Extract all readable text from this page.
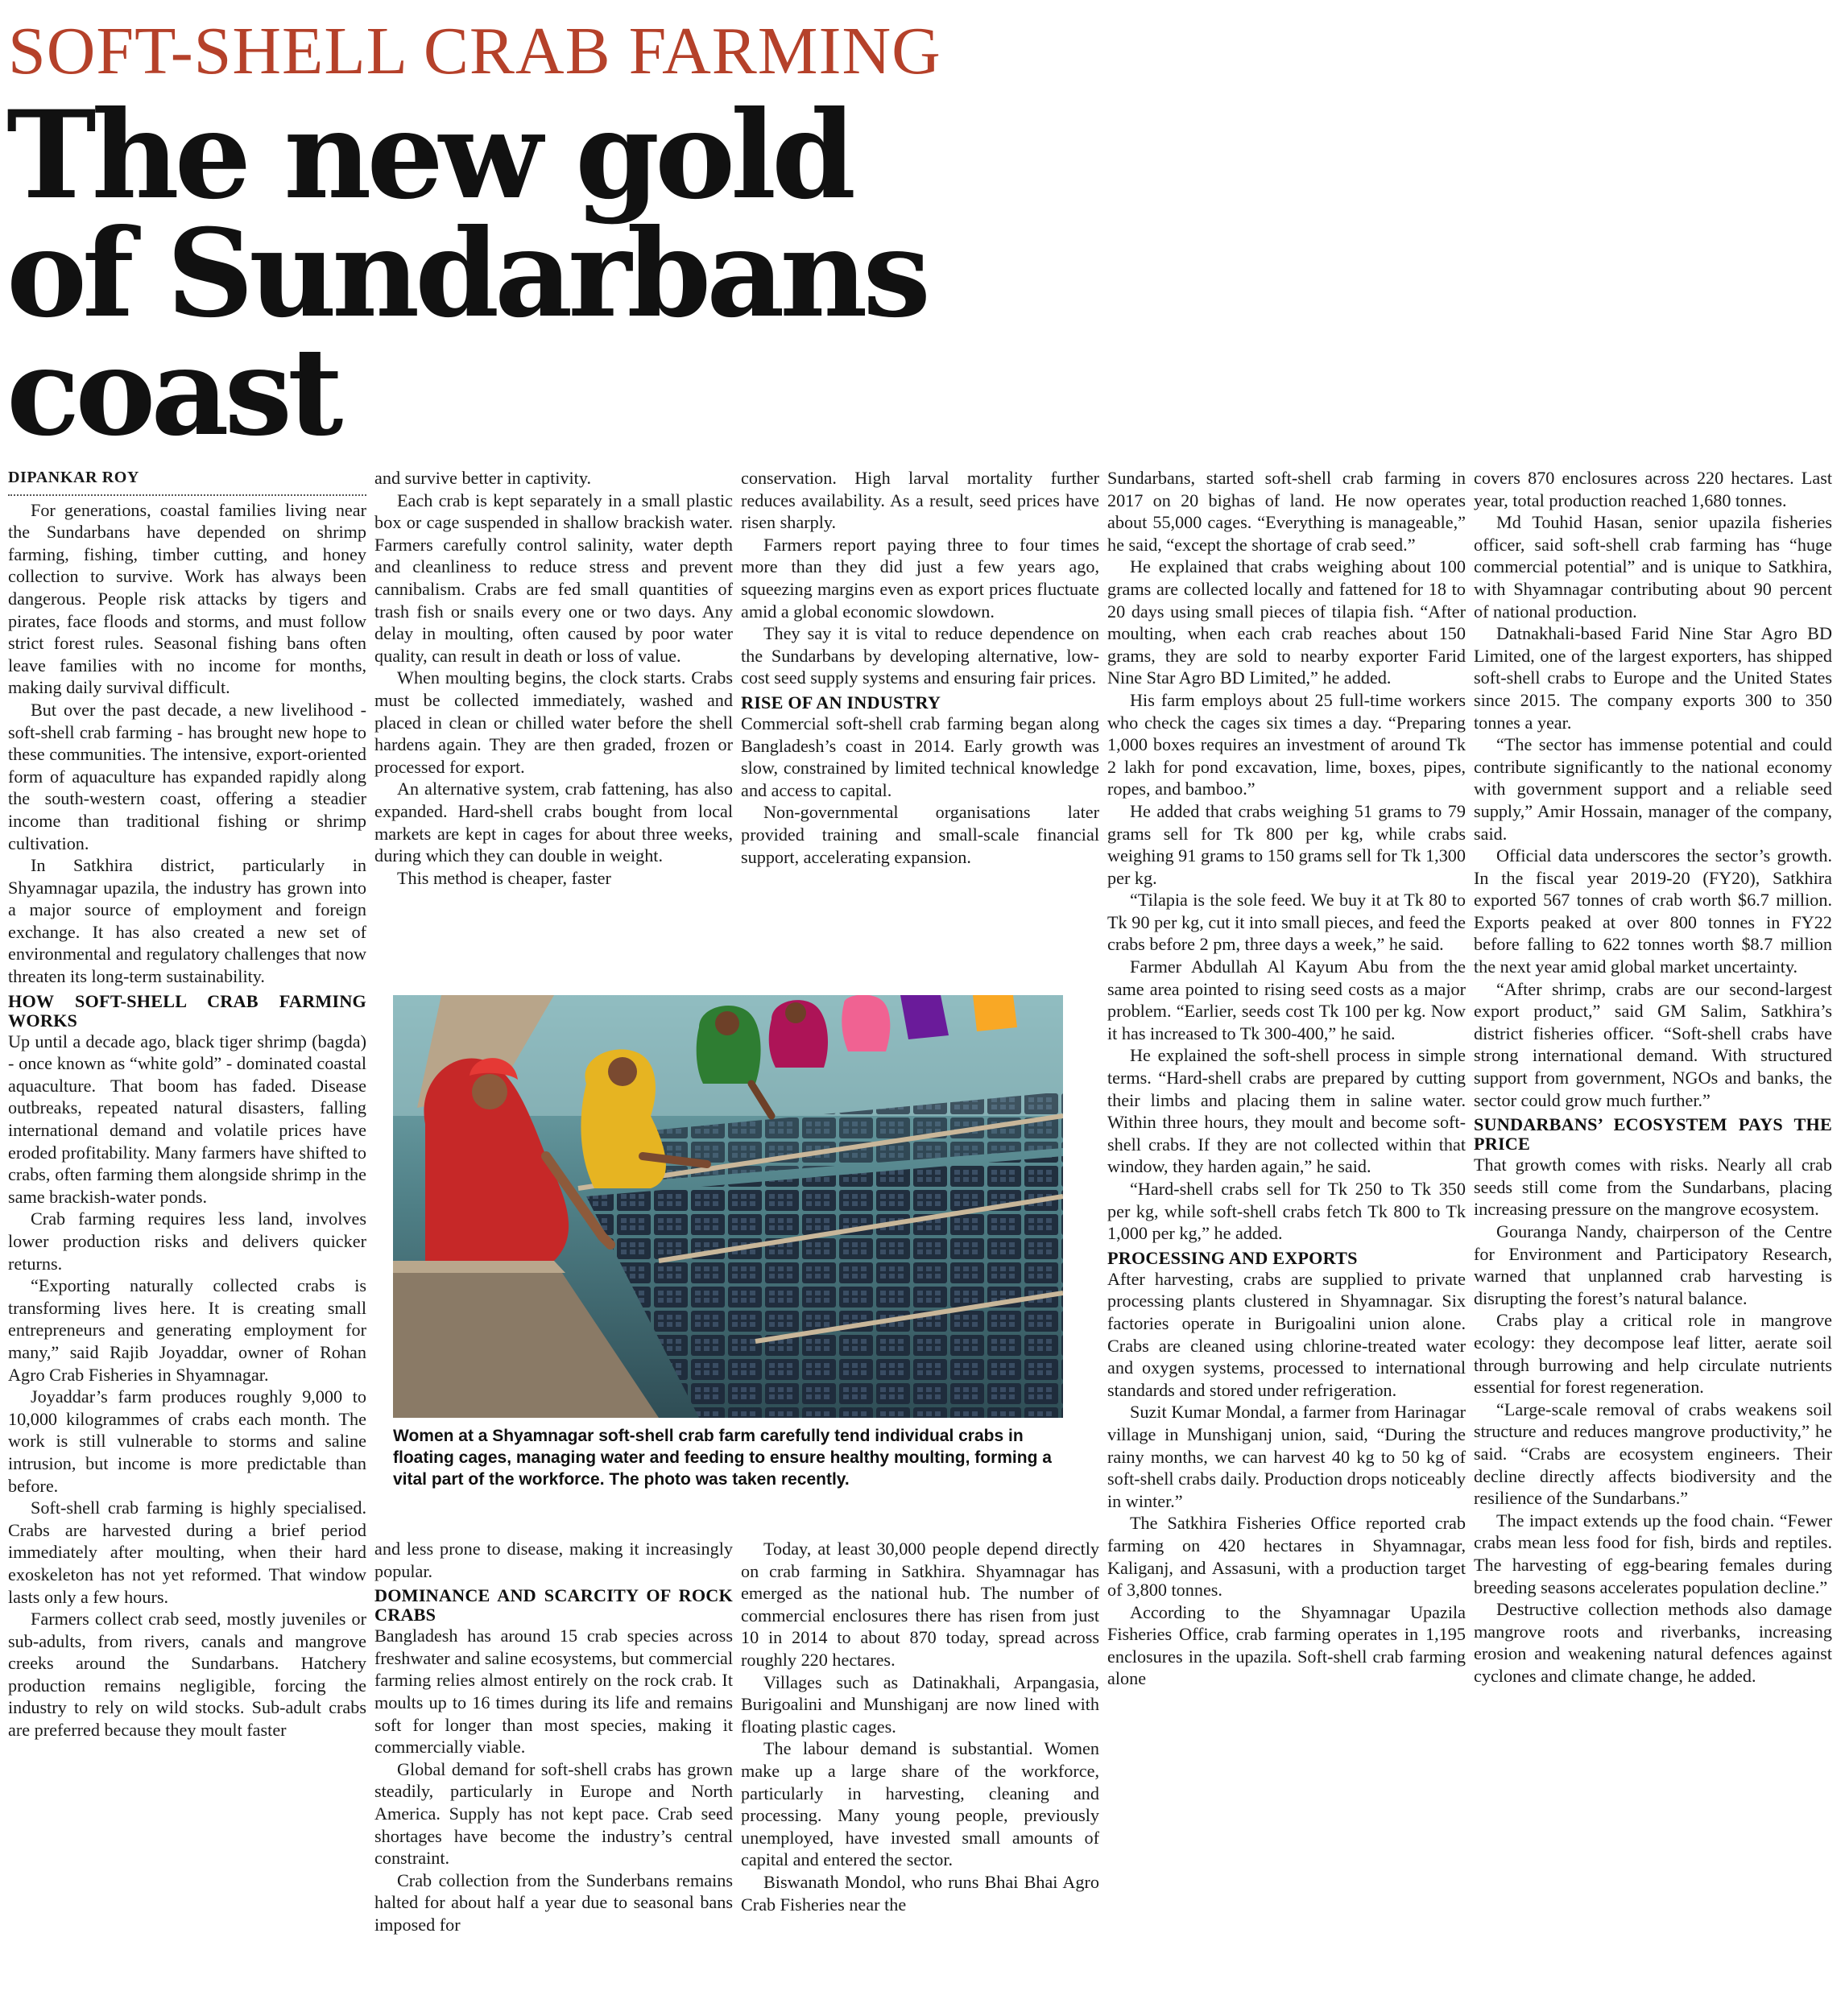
SOFT-SHELL CRAB FARMING
The new gold
of Sundarbans
coast
DIPANKAR ROY

For generations, coastal families living near the Sundarbans have depended on shrimp farming, fishing, timber cutting, and honey collection to survive. Work has always been dangerous. People risk attacks by tigers and pirates, face floods and storms, and must follow strict forest rules. Seasonal fishing bans often leave families with no income for months, making daily survival difficult.

But over the past decade, a new livelihood - soft-shell crab farming - has brought new hope to these communities. The intensive, export-oriented form of aquaculture has expanded rapidly along the south-western coast, offering a steadier income than traditional fishing or shrimp cultivation.

In Satkhira district, particularly in Shyamnagar upazila, the industry has grown into a major source of employment and foreign exchange. It has also created a new set of environmental and regulatory challenges that now threaten its long-term sustainability.

HOW SOFT-SHELL CRAB FARMING WORKS

Up until a decade ago, black tiger shrimp (bagda) - once known as “white gold” - dominated coastal aquaculture. That boom has faded. Disease outbreaks, repeated natural disasters, falling international demand and volatile prices have eroded profitability. Many farmers have shifted to crabs, often farming them alongside shrimp in the same brackish-water ponds.

Crab farming requires less land, involves lower production risks and delivers quicker returns.

“Exporting naturally collected crabs is transforming lives here. It is creating small entrepreneurs and generating employment for many,” said Rajib Joyaddar, owner of Rohan Agro Crab Fisheries in Shyamnagar.

Joyaddar’s farm produces roughly 9,000 to 10,000 kilogrammes of crabs each month. The work is still vulnerable to storms and saline intrusion, but income is more predictable than before.

Soft-shell crab farming is highly specialised. Crabs are harvested during a brief period immediately after moulting, when their hard exoskeleton has not yet reformed. That window lasts only a few hours.

Farmers collect crab seed, mostly juveniles or sub-adults, from rivers, canals and mangrove creeks around the Sundarbans. Hatchery production remains negligible, forcing the industry to rely on wild stocks. Sub-adult crabs are preferred because they moult faster

and survive better in captivity.

Each crab is kept separately in a small plastic box or cage suspended in shallow brackish water. Farmers carefully control salinity, water depth and cleanliness to reduce stress and prevent cannibalism. Crabs are fed small quantities of trash fish or snails every one or two days. Any delay in moulting, often caused by poor water quality, can result in death or loss of value.

When moulting begins, the clock starts. Crabs must be collected immediately, washed and placed in clean or chilled water before the shell hardens again. They are then graded, frozen or processed for export.

An alternative system, crab fattening, has also expanded. Hard-shell crabs bought from local markets are kept in cages for about three weeks, during which they can double in weight.

This method is cheaper, faster

conservation. High larval mortality further reduces availability. As a result, seed prices have risen sharply.

Farmers report paying three to four times more than they did just a few years ago, squeezing margins even as export prices fluctuate amid a global economic slowdown.

They say it is vital to reduce dependence on the Sundarbans by developing alternative, low-cost seed supply systems and ensuring fair prices.

RISE OF AN INDUSTRY

Commercial soft-shell crab farming began along Bangladesh’s coast in 2014. Early growth was slow, constrained by limited technical knowledge and access to capital.

Non-governmental organisations later provided training and small-scale financial support, accelerating expansion.

and less prone to disease, making it increasingly popular.

DOMINANCE AND SCARCITY OF ROCK CRABS

Bangladesh has around 15 crab species across freshwater and saline ecosystems, but commercial farming relies almost entirely on the rock crab. It moults up to 16 times during its life and remains soft for longer than most species, making it commercially viable.

Global demand for soft-shell crabs has grown steadily, particularly in Europe and North America. Supply has not kept pace. Crab seed shortages have become the industry’s central constraint.

Crab collection from the Sunderbans remains halted for about half a year due to seasonal bans imposed for

Today, at least 30,000 people depend directly on crab farming in Satkhira. Shyamnagar has emerged as the national hub. The number of commercial enclosures there has risen from just 10 in 2014 to about 870 today, spread across roughly 220 hectares.

Villages such as Datinakhali, Arpangasia, Burigoalini and Munshiganj are now lined with floating plastic cages.

The labour demand is substantial. Women make up a large share of the workforce, particularly in harvesting, cleaning and processing. Many young people, previously unemployed, have invested small amounts of capital and entered the sector.

Biswanath Mondol, who runs Bhai Bhai Agro Crab Fisheries near the

Sundarbans, started soft-shell crab farming in 2017 on 20 bighas of land. He now operates about 55,000 cages. “Everything is manageable,” he said, “except the shortage of crab seed.”

He explained that crabs weighing about 100 grams are collected locally and fattened for 18 to 20 days using small pieces of tilapia fish. “After moulting, when each crab reaches about 150 grams, they are sold to nearby exporter Farid Nine Star Agro BD Limited,” he added.

His farm employs about 25 full-time workers who check the cages six times a day. “Preparing 1,000 boxes requires an investment of around Tk 2 lakh for pond excavation, lime, boxes, pipes, ropes, and bamboo.”

He added that crabs weighing 51 grams to 79 grams sell for Tk 800 per kg, while crabs weighing 91 grams to 150 grams sell for Tk 1,300 per kg.

“Tilapia is the sole feed. We buy it at Tk 80 to Tk 90 per kg, cut it into small pieces, and feed the crabs before 2 pm, three days a week,” he said.

Farmer Abdullah Al Kayum Abu from the same area pointed to rising seed costs as a major problem. “Earlier, seeds cost Tk 100 per kg. Now it has increased to Tk 300-400,” he said.

He explained the soft-shell process in simple terms. “Hard-shell crabs are prepared by cutting their limbs and placing them in saline water. Within three hours, they moult and become soft-shell crabs. If they are not collected within that window, they harden again,” he said.

“Hard-shell crabs sell for Tk 250 to Tk 350 per kg, while soft-shell crabs fetch Tk 800 to Tk 1,000 per kg,” he added.

PROCESSING AND EXPORTS

After harvesting, crabs are supplied to private processing plants clustered in Shyamnagar. Six factories operate in Burigoalini union alone. Crabs are cleaned using chlorine-treated water and oxygen systems, processed to international standards and stored under refrigeration.

Suzit Kumar Mondal, a farmer from Harinagar village in Munshiganj union, said, “During the rainy months, we can harvest 40 kg to 50 kg of soft-shell crabs daily. Production drops noticeably in winter.”

The Satkhira Fisheries Office reported crab farming on 420 hectares in Shyamnagar, Kaliganj, and Assasuni, with a production target of 3,800 tonnes.

According to the Shyamnagar Upazila Fisheries Office, crab farming operates in 1,195 enclosures in the upazila. Soft-shell crab farming alone

covers 870 enclosures across 220 hectares. Last year, total production reached 1,680 tonnes.

Md Touhid Hasan, senior upazila fisheries officer, said soft-shell crab farming has “huge commercial potential” and is unique to Satkhira, with Shyamnagar contributing about 90 percent of national production.

Datnakhali-based Farid Nine Star Agro BD Limited, one of the largest exporters, has shipped soft-shell crabs to Europe and the United States since 2015. The company exports 300 to 350 tonnes a year.

“The sector has immense potential and could contribute significantly to the national economy with government support and a reliable seed supply,” Amir Hossain, manager of the company, said.

Official data underscores the sector’s growth. In the fiscal year 2019-20 (FY20), Satkhira exported 567 tonnes of crab worth $6.7 million. Exports peaked at over 800 tonnes in FY22 before falling to 622 tonnes worth $8.7 million the next year amid global market uncertainty.

“After shrimp, crabs are our second-largest export product,” said GM Salim, Satkhira’s district fisheries officer. “Soft-shell crabs have strong international demand. With structured support from government, NGOs and banks, the sector could grow much further.”

SUNDARBANS’ ECOSYSTEM PAYS THE PRICE

That growth comes with risks. Nearly all crab seeds still come from the Sundarbans, placing increasing pressure on the mangrove ecosystem.

Gouranga Nandy, chairperson of the Centre for Environment and Participatory Research, warned that unplanned crab harvesting is disrupting the forest’s natural balance.

Crabs play a critical role in mangrove ecology: they decompose leaf litter, aerate soil through burrowing and help circulate nutrients essential for forest regeneration.

“Large-scale removal of crabs weakens soil structure and reduces mangrove productivity,” he said. “Crabs are ecosystem engineers. Their decline directly affects biodiversity and the resilience of the Sundarbans.”

The impact extends up the food chain. “Fewer crabs mean less food for fish, birds and reptiles. The harvesting of egg-bearing females during breeding seasons accelerates population decline.”

Destructive collection methods also damage mangrove roots and riverbanks, increasing erosion and weakening natural defences against cyclones and climate change, he added.

Women at a Shyamnagar soft-shell crab farm carefully tend individual crabs in floating cages, managing water and feeding to ensure healthy moulting, forming a vital part of the workforce. The photo was taken recently.
